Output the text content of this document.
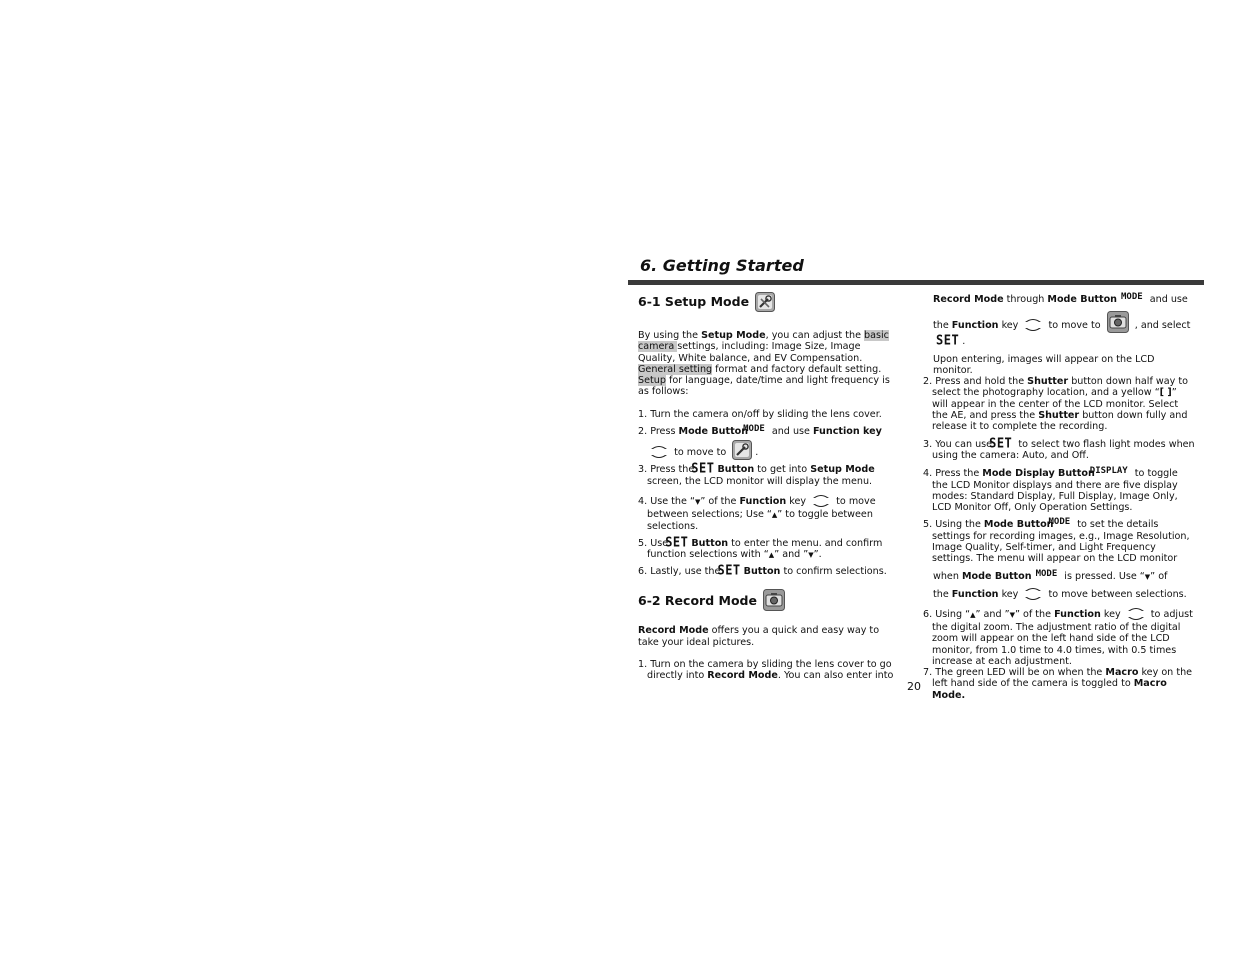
6. Getting Started
6-1 Setup Mode

By using the Setup Mode, you can adjust the basic camera settings, including: Image Size, Image Quality, White balance, and EV Compensation. General setting format and factory default setting. Setup for language, date/time and light frequency is as follows:

1. Turn the camera on/off by sliding the lens cover.

2. Press Mode ButtonMODE and use Function key

to move to	.

3. Press the SET Button to get into Setup Mode screen, the LCD monitor will display the menu.

4. Use the “▼” of the Function key	to move between selections; Use “▲” to toggle between selections.

5. Use SET Button to enter the menu. and confirm function selections with “▲” and ”▼”.

6. Lastly, use the SET Button to confirm selections.

6-2 Record Mode

Record Mode offers you a quick and easy way to take your ideal pictures.

1. Turn on the camera by sliding the lens cover to go directly into Record Mode. You can also enter into

Record Mode through Mode Button MODE and use

the Function key	to move to	, and select

SET .

Upon entering, images will appear on the LCD monitor.

2. Press and hold the Shutter button down half way to select the photography location, and a yellow “[ ]” will appear in the center of the LCD monitor. Select the AE, and press the Shutter button down fully and release it to complete the recording.

3. You can use SET to select two flash light modes when using the camera: Auto, and Off.

4. Press the Mode Display ButtonDISPLAY to toggle the LCD Monitor displays and there are five display modes: Standard Display, Full Display, Image Only, LCD Monitor Off, Only Operation Settings.

5. Using the Mode ButtonMODE to set the details settings for recording images, e.g., Image Resolution, Image Quality, Self-timer, and Light Frequency settings. The menu will appear on the LCD monitor

when Mode Button MODE is pressed. Use “▼” of

the Function key	to move between selections.

6. Using “▲” and ”▼” of the Function key	to adjust the digital zoom. The adjustment ratio of the digital zoom will appear on the left hand side of the LCD monitor, from 1.0 time to 4.0 times, with 0.5 times increase at each adjustment.

7. The green LED will be on when the Macro key on the left hand side of the camera is toggled to Macro Mode.

20
